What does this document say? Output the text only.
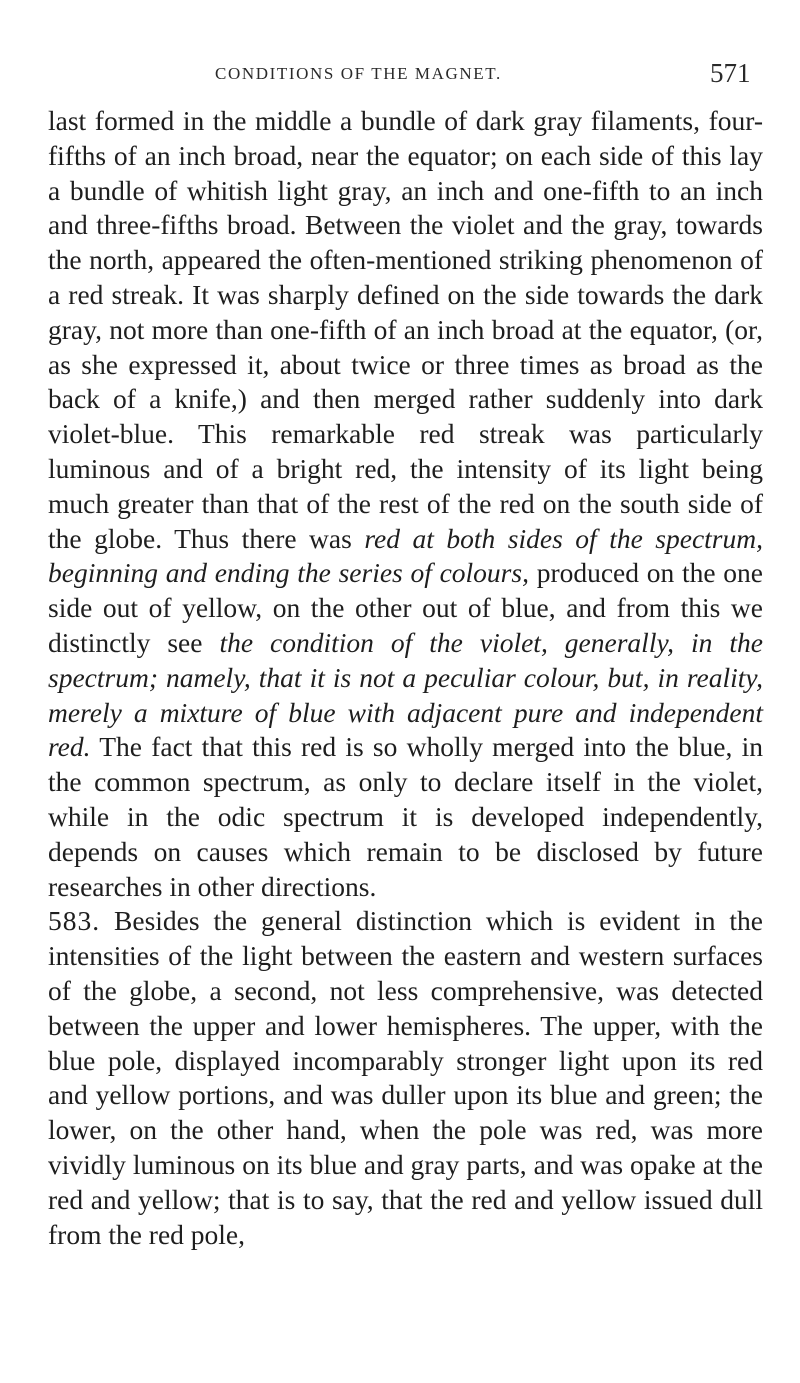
CONDITIONS OF THE MAGNET.	571

last formed in the middle a bundle of dark gray filaments, four-fifths of an inch broad, near the equator; on each side of this lay a bundle of whitish light gray, an inch and one-fifth to an inch and three-fifths broad. Between the violet and the gray, towards the north, appeared the often-mentioned striking phenomenon of a red streak. It was sharply defined on the side towards the dark gray, not more than one-fifth of an inch broad at the equator, (or, as she expressed it, about twice or three times as broad as the back of a knife,) and then merged rather suddenly into dark violet-blue. This remarkable red streak was particularly luminous and of a bright red, the intensity of its light being much greater than that of the rest of the red on the south side of the globe. Thus there was red at both sides of the spectrum, beginning and ending the series of colours, produced on the one side out of yellow, on the other out of blue, and from this we distinctly see the condition of the violet, generally, in the spectrum; namely, that it is not a peculiar colour, but, in reality, merely a mixture of blue with adjacent pure and independent red. The fact that this red is so wholly merged into the blue, in the common spectrum, as only to declare itself in the violet, while in the odic spectrum it is developed independently, depends on causes which remain to be disclosed by future researches in other directions.

583. Besides the general distinction which is evident in the intensities of the light between the eastern and western surfaces of the globe, a second, not less comprehensive, was detected between the upper and lower hemispheres. The upper, with the blue pole, displayed incomparably stronger light upon its red and yellow portions, and was duller upon its blue and green; the lower, on the other hand, when the pole was red, was more vividly luminous on its blue and gray parts, and was opake at the red and yellow; that is to say, that the red and yellow issued dull from the red pole,
